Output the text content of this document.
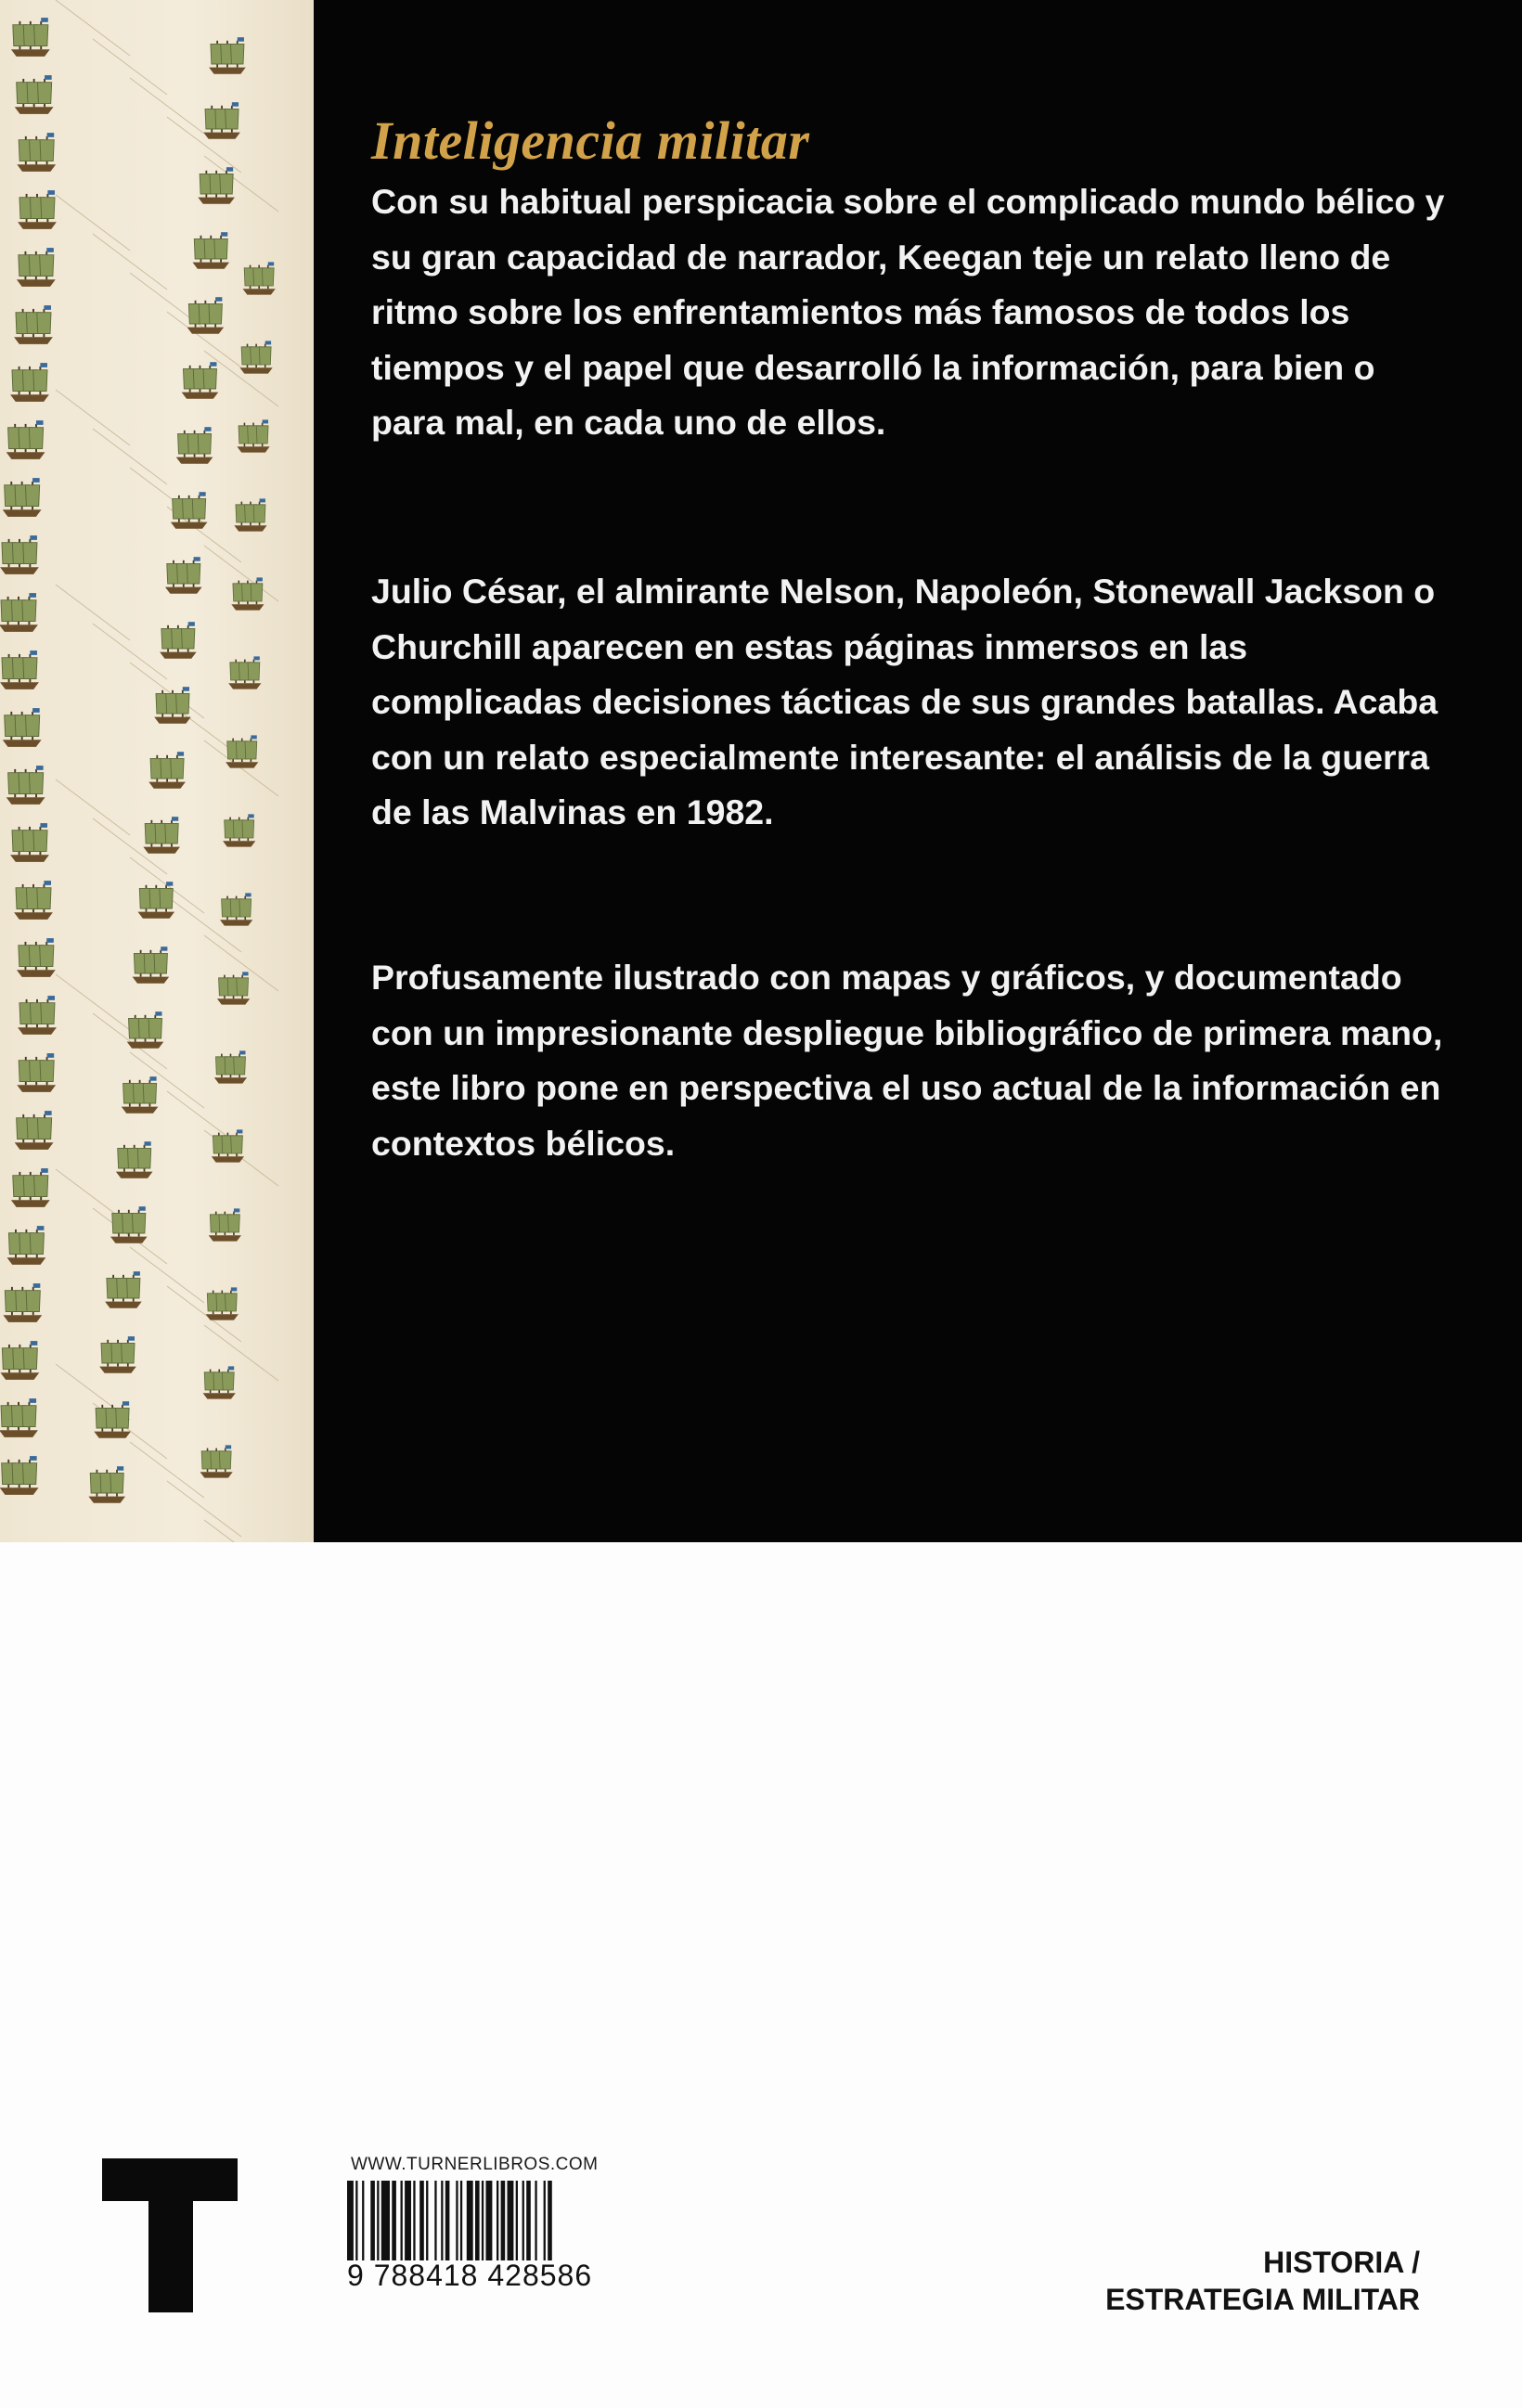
Inteligencia militar

Con su habitual perspicacia sobre el complicado mundo bélico y su gran capacidad de narrador, Keegan teje un relato lleno de ritmo sobre los enfrentamientos más famosos de todos los tiempos y el papel que desarrolló la información, para bien o para mal, en cada uno de ellos.

Julio César, el almirante Nelson, Napoleón, Stonewall Jackson o Churchill aparecen en estas páginas inmersos en las complicadas decisiones tácticas de sus grandes batallas. Acaba con un relato especialmente interesante: el análisis de la guerra de las Malvinas en 1982.

Profusamente ilustrado con mapas y gráficos, y documentado con un impresionante despliegue bibliográfico de primera mano, este libro pone en perspectiva el uso actual de la información en contextos bélicos.

WWW.TURNERLIBROS.COM
9 788418 428586	HISTORIA /
ESTRATEGIA MILITAR
